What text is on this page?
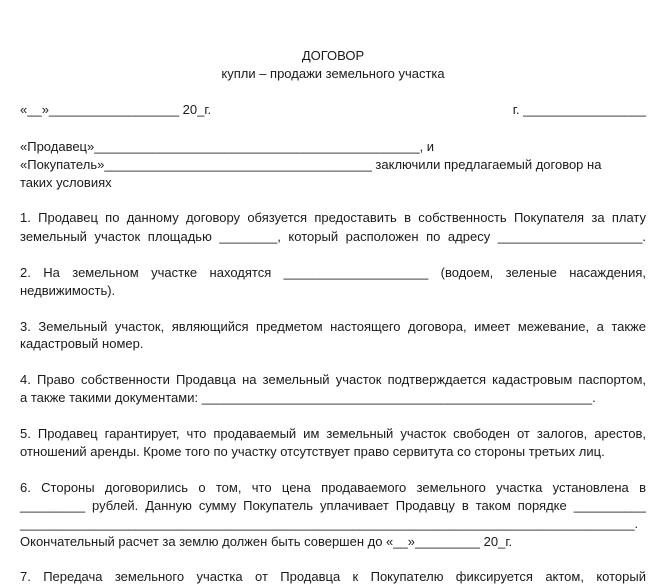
ДОГОВОР
купли – продажи земельного участка
«__»__________________ 20_г.	г. _________________
«Продавец»_____________________________________________, и
«Покупатель»_____________________________________ заключили предлагаемый договор на
таких условиях
1. Продавец по данному договору обязуется предоставить в собственность Покупателя за плату
земельный участок площадью ________, который расположен по адресу ____________________.
2. На земельном участке находятся ____________________ (водоем, зеленые насаждения,
недвижимость).
3. Земельный участок, являющийся предметом настоящего договора, имеет межевание, а также
кадастровый номер.
4. Право собственности Продавца на земельный участок подтверждается кадастровым паспортом,
а также такими документами: ______________________________________________________.
5. Продавец гарантирует, что продаваемый им земельный участок свободен от залогов, арестов,
отношений аренды. Кроме того по участку отсутствует право сервитута со стороны третьих лиц.
6. Стороны договорились о том, что цена продаваемого земельного участка установлена в
_________ рублей. Данную сумму Покупатель уплачивает Продавцу в таком порядке __________
_____________________________________________________________________________________.
Окончательный расчет за землю должен быть совершен до «__»_________ 20_г.
7. Передача земельного участка от Продавца к Покупателю фиксируется актом, который
